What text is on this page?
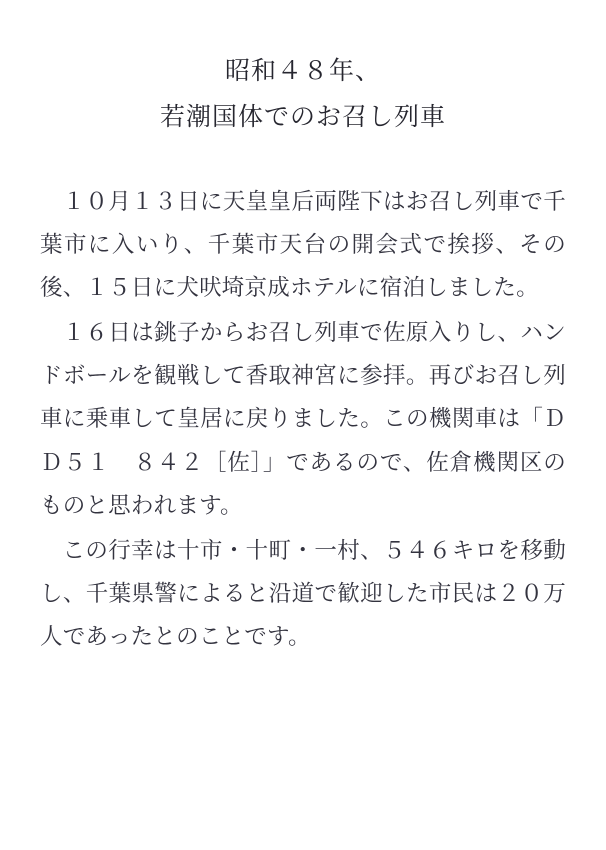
昭和４８年、
若潮国体でのお召し列車

１０月１３日に天皇皇后両陛下はお召し列車で千葉市に入いり、千葉市天台の開会式で挨拶、その後、１５日に犬吠埼京成ホテルに宿泊しました。

１６日は銚子からお召し列車で佐原入りし、ハンドボールを観戦して香取神宮に参拝。再びお召し列車に乗車して皇居に戻りました。この機関車は「ＤＤ５１　８４２［佐］」であるので、佐倉機関区のものと思われます。

この行幸は十市・十町・一村、５４６キロを移動し、千葉県警によると沿道で歓迎した市民は２０万人であったとのことです。
